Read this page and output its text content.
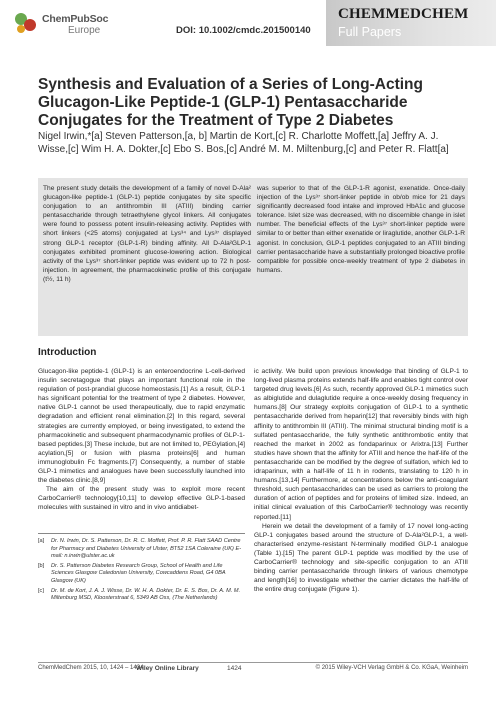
ChemPubSoc
Europe	DOI: 10.1002/cmdc.201500140
CHEMMEDCHEM
Full Papers
Synthesis and Evaluation of a Series of Long-Acting Glucagon-Like Peptide-1 (GLP-1) Pentasaccharide Conjugates for the Treatment of Type 2 Diabetes
Nigel Irwin,*[a] Steven Patterson,[a, b] Martin de Kort,[c] R. Charlotte Moffett,[a] Jeffry A. J. Wisse,[c] Wim H. A. Dokter,[c] Ebo S. Bos,[c] André M. M. Miltenburg,[c] and Peter R. Flatt[a]
The present study details the development of a family of novel D-Ala² glucagon-like peptide-1 (GLP-1) peptide conjugates by site specific conjugation to an antithrombin III (ATIII) binding carrier pentasaccharide through tetraethylene glycol linkers. All conjugates were found to possess potent insulin-releasing activity. Peptides with short linkers (<25 atoms) conjugated at Lys³⁴ and Lys³⁷ displayed strong GLP-1 receptor (GLP-1-R) binding affinity. All D-Ala²GLP-1 conjugates exhibited prominent glucose-lowering action. Biological activity of the Lys³⁷ short-linker peptide was evident up to 72 h post-injection. In agreement, the pharmacokinetic profile of this conjugate (t½, 11 h)
was superior to that of the GLP-1-R agonist, exenatide. Once-daily injection of the Lys³⁷ short-linker peptide in ob/ob mice for 21 days significantly decreased food intake and improved HbA1c and glucose tolerance. Islet size was decreased, with no discernible change in islet number. The beneficial effects of the Lys³⁷ short-linker peptide were similar to or better than either exenatide or liraglutide, another GLP-1-R agonist. In conclusion, GLP-1 peptides conjugated to an ATIII binding carrier pentasaccharide have a substantially prolonged bioactive profile compatible for possible once-weekly treatment of type 2 diabetes in humans.
Introduction

Glucagon-like peptide-1 (GLP-1) is an enteroendocrine L-cell-derived insulin secretagogue that plays an important functional role in the regulation of post-prandial glucose homeostasis.[1] As a result, GLP-1 has significant potential for the treatment of type 2 diabetes. However, native GLP-1 cannot be used therapeutically, due to rapid enzymatic degradation and efficient renal elimination.[2] In this regard, several strategies are currently employed, or being investigated, to extend the pharmacokinetic and subsequent pharmacodynamic profiles of GLP-1-based peptides.[3] These include, but are not limited to, PEGylation,[4] acylation,[5] or fusion with plasma proteins[6] and human immunoglobulin Fc fragments.[7] Consequently, a number of stable GLP-1 mimetics and analogues have been successfully launched into the diabetes clinic.[8,9]

The aim of the present study was to exploit more recent CarboCarrier® technology[10,11] to develop effective GLP-1-based molecules with sustained in vitro and in vivo antidiabet-

ic activity. We build upon previous knowledge that binding of GLP-1 to long-lived plasma proteins extends half-life and enables tight control over targeted drug levels.[6] As such, recently approved GLP-1 mimetics such as albiglutide and dulaglutide require a once-weekly dosing frequency in humans.[8] Our strategy exploits conjugation of GLP-1 to a synthetic pentasaccharide derived from heparin[12] that reversibly binds with high affinity to antithrombin III (ATIII). The minimal structural binding motif is a sulfated pentasaccharide, the fully synthetic antithrombotic entity that reached the market in 2002 as fondaparinux or Arixtra.[13] Further studies have shown that the affinity for ATIII and hence the half-life of the pentasaccharide can be modified by the degree of sulfation, which led to idraparinux, with a half-life of 11 h in rodents, translating to 120 h in humans.[13,14] Furthermore, at concentrations below the anti-coagulant threshold, such pentasaccharides can be used as carriers to prolong the duration of action of peptides and for proteins of limited size. Indeed, an initial clinical evaluation of this CarboCarrier® technology was recently reported.[11]

Herein we detail the development of a family of 17 novel long-acting GLP-1 conjugates based around the structure of D-Ala²GLP-1, a well-characterised enzyme-resistant N-terminally modified GLP-1 analogue (Table 1).[15] The parent GLP-1 peptide was modified by the use of CarboCarrier® technology and site-specific conjugation to an ATIII binding carrier pentasaccharide through linkers of various chemotype and length[16] to investigate whether the carrier dictates the half-life of the entire drug conjugate (Figure 1).

[a] Dr. N. Irwin, Dr. S. Patterson, Dr. R. C. Moffett, Prof. P. R. Flatt SAAD Centre for Pharmacy and Diabetes University of Ulster, BT52 1SA Coleraine (UK) E-mail: n.irwin@ulster.ac.uk
[b] Dr. S. Patterson Diabetes Research Group, School of Health and Life Sciences Glasgow Caledonian University, Cowcaddens Road, G4 0BA Glasgow (UK)
[c] Dr. M. de Kort, J. A. J. Wisse, Dr. W. H. A. Dokter, Dr. E. S. Bos, Dr. A. M. M. Miltenburg MSD, Kloosterstraat 6, 5349 AB Oss, (The Netherlands)
ChemMedChem 2015, 10, 1424 – 1434
Wiley Online Library	1424	© 2015 Wiley-VCH Verlag GmbH & Co. KGaA, Weinheim
